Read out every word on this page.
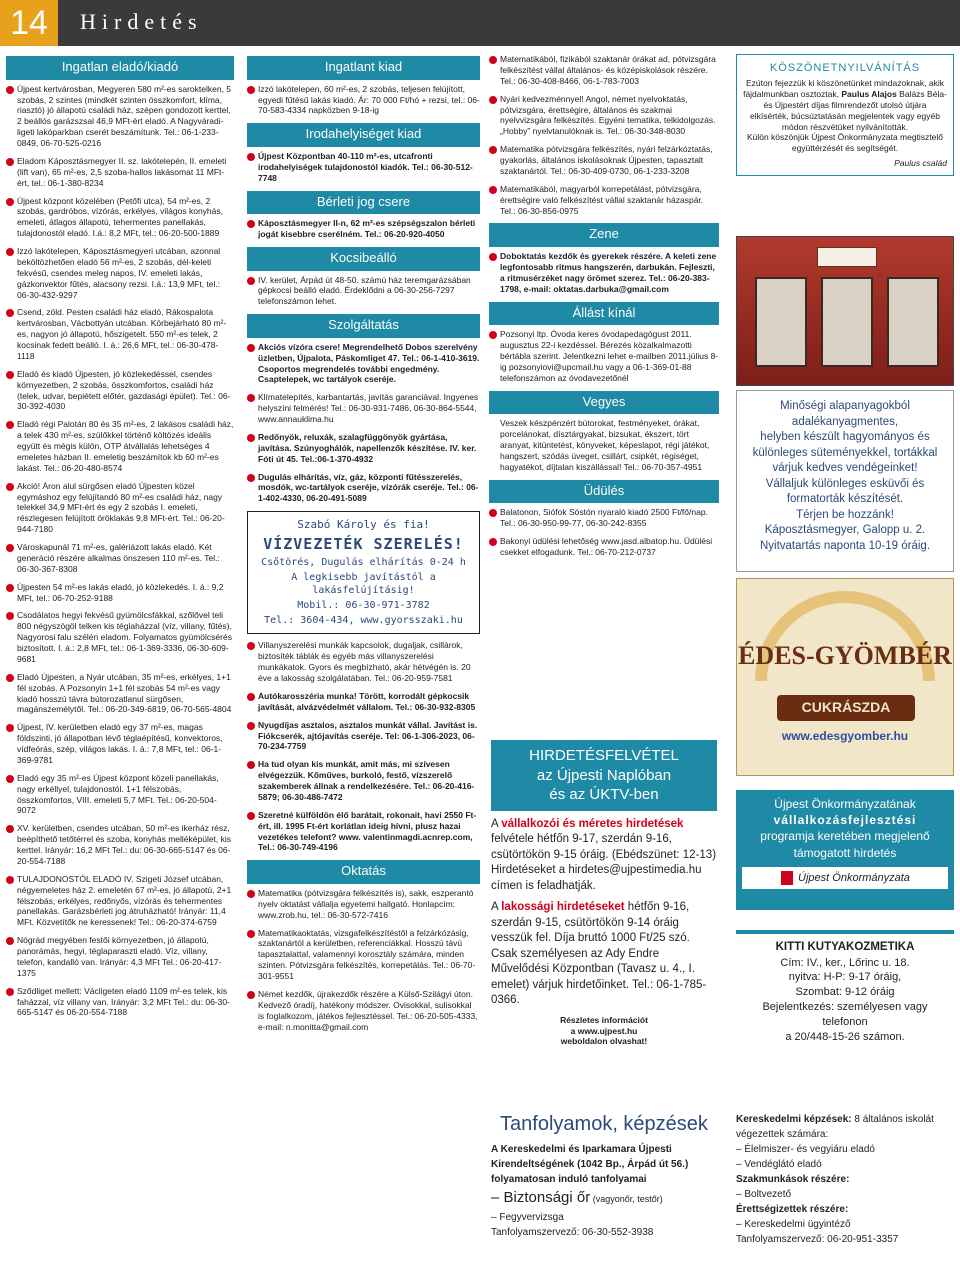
14	Hirdetés
Ingatlan eladó/kiadó
Újpest kertvárosban, Megyeren 580 m²-es saroktelken, 5 szobás, 2 szintes (mindkét szinten összkomfort, klíma, riasztó) jó állapotú családi ház, szépen gondozott kerttel, 2 beállós garázszsal 46,9 MFt-ért eladó. A Nagyváradi-ligeti lakóparkban cserét beszámítunk. Tel.: 06-1-233-0849, 06-70-525-0216
Eladom Káposztásmegyer II. sz. lakótelepén, II. emeleti (lift van), 65 m²-es, 2,5 szoba-hallos lakásomat 11 MFt-ért, tel.: 06-1-380-8234
Újpest központ közelében (Petőfi utca), 54 m²-es, 2 szobás, gardróbos, vízórás, erkélyes, világos konyhás, emeleti, átlagos állapotú, tehermentes panellakás, tulajdonostól eladó. I.á.: 8,2 MFt, tel.: 06-20-500-1889
Izzó lakótelepen, Káposztásmegyeri utcában, azonnal beköltözhetően eladó 56 m²-es, 2 szobás, dél-keleti fekvésű, csendes meleg napos, IV. emeleti lakás, gázkonvektor fűtés, alacsony rezsi. I.á.: 13,9 MFt, tel.: 06-30-432-9297
Csend, zöld. Pesten családi ház eladó, Rákospalota kertvárosban, Vácbottyán utcában. Körbejárható 80 m²-es, nagyon jó állapotú, hőszigetelt. 550 m²-es telek, 2 kocsinak fedett beálló. I. á.: 26,6 MFt, tel.: 06-30-478-1118
Eladó és kiadó Újpesten, jó közlekedéssel, csendes környezetben, 2 szobás, összkomfortos, családi ház (telek, udvar, bepiétett előtér, gazdasági épület). Tel.: 06-30-392-4030
Eladó régi Palotán 80 és 35 m²-es, 2 lakásos családi ház, a telek 430 m²-es, szülőkkel történő költözés ideális együtt és mégis külön, OTP átvállalás lehetséges 4 emeletes házban II. emeletig beszámítok kb 60 m²-es lakást. Tel.: 06-20-480-8574
Akció! Áron alul sürgősen eladó Újpesten közel egymáshoz egy felújítandó 80 m²-es családi ház, nagy telekkel 34,9 MFt-ért és egy 2 szobás I. emeleti, részlegesen felújított öröklakás 9,8 MFt-ért. Tel.: 06-20-944-7180
Városkapunál 71 m²-es, galériázott lakás eladó. Két generáció részére alkalmas önszesen 110 m²-es. Tel.: 06-30-367-8308
Újpesten 54 m²-es lakás eladó, jó közlekedés. I. á.: 9,2 MFt, tel.: 06-70-252-9188
Csodálatos hegyi fekvésű gyümölcsfákkal, szőlővel teli 800 négyszögöl telken kis téglaházzal (víz, villany, fűtés), Nagyorosi falu szélén eladom. Folyamatos gyümölcsérés biztosított. I. á.: 2,8 MFt, tel.: 06-1-369-3336, 06-30-609-9681
Eladó Újpesten, a Nyár utcában, 35 m²-es, erkélyes, 1+1 fél szobás. A Pozsonyin 1+1 fél szobás 54 m²-es vagy kiadó hosszú távra bútorozatlanul sürgősen, magánszemélytől. Tel.: 06-20-349-6819, 06-70-565-4804
Újpest, IV. kerületben eladó egy 37 m²-es, magas földszinti, jó állapotban lévő téglaépítésű, konvektoros, vídfeórás, szép, világos lakás. I. á.: 7,8 MFt, tel.: 06-1-369-9781
Eladó egy 35 m²-es Újpest központ közeli panellakás, nagy erkéllyel, tulajdonostól. 1+1 félszobás, összkomfortos, VIII. emeleti 5,7 MFt. Tel.: 06-20-504-9072
XV. kerületben, csendes utcában, 50 m²-es ikerház rész, beépíthető tetőtérrel és szoba, konyhás melléképület, kis kerttel. Irányár: 16,2 MFt Tel.: du: 06-30-665-5147 és 06-20-554-7188
TULAJDONOSTÓL ELADÓ IV. Szigeti József utcában, négyemeletes ház 2. emeletén 67 m²-es, jó állapotú, 2+1 félszobás, erkélyes, redőnyős, vízórás és tehermentes panellakás. Garázsbérleti jog átruházható! Irányár: 11,4 MFt. Közvetítők ne keressenek! Tel.: 06-20-374-6759
Nógrád megyében festői környezetben, jó állapotú, panorámás, hegyi, téglaparaszti eladó. Víz, villany, telefon, kandalló van. Irányár: 4,3 MFt Tel.: 06-20-417-1375
Sződliget mellett: Václigeten eladó 1109 m²-es telek, kis faházzal, víz villany van. Irányár: 3,2 MFt Tel.: du: 06-30-665-5147 és 06-20-554-7188
Ingatlant kiad
Izzó lakótelepen, 60 m²-es, 2 szobás, teljesen felújított, egyedi fűtésű lakás kiadó. Ár: 70 000 Ft/hó + rezsi, tel.: 06-70-583-4334 napközben 9-18-ig
Irodahelyiséget kiad
Újpest Központban 40-110 m²-es, utcafronti irodahelyiségek tulajdonostól kiadók. Tel.: 06-30-512-7748
Bérleti jog csere
Káposztásmegyer II-n, 62 m²-es szépségszalon bérleti jogát kisebbre cserélném. Tel.: 06-20-920-4050
Kocsibeálló
IV. kerület, Árpád út 48-50. számú ház teremgarázsában gépkocsi beálló eladó. Érdeklődni a 06-30-256-7297 telefonszámon lehet.
Szolgáltatás
Akciós vízóra csere! Megrendelhető Dobos szerelvény üzletben, Újpalota, Páskomliget 47. Tel.: 06-1-410-3619. Csoportos megrendelés további engedmény. Csaptelepek, wc tartályok cseréje.
Klímatelepítés, karbantartás, javítás garanciával. Ingyenes helyszíni felmérés! Tel.: 06-30-931-7486, 06-30-864-5544, www.annauklima.hu
Redőnyök, reluxák, szalagfüggönyök gyártása, javítása. Szúnyoghálók, napellenzők készítése. IV. ker. Fóti út 45. Tel.:06-1-370-4932
Dugulás elhárítás, víz, gáz, központi fűtésszerelés, mosdók, wc-tartályok cseréje, vízórák cseréje. Tel.: 06-1-402-4330, 06-20-491-5089
Szabó Károly és fia!
VÍZVEZETÉK SZERELÉS!
Csőtörés, Dugulás elhárítás 0-24 h
A legkisebb javítástól a lakásfelújításig!
Mobil.: 06-30-971-3782
Tel.: 3604-434, www.gyorsszaki.hu
Villanyszerelési munkák kapcsolok, dugaljak, csillárok, biztosíték táblák és egyéb más villanyszerelési munkákatok. Gyors és megbízható, akár hétvégén is. 20 éve a lakosság szolgálatában. Tel.: 06-20-959-7581
Autókarosszéria munka! Törött, korrodált gépkocsik javítását, alvázvédelmét vállalom. Tel.: 06-30-932-8305
Nyugdíjas asztalos, asztalos munkát vállal. Javítást is. Fiókcserék, ajtójavítás cseréje. Tel: 06-1-306-2023, 06-70-234-7759
Ha tud olyan kis munkát, amit más, mi szívesen elvégezzük. Kőműves, burkoló, festő, vízszerelő szakemberek állnak a rendelkezésére. Tel.: 06-20-416-5879; 06-30-486-7472
Szeretné külföldön élő barátait, rokonait, havi 2550 Ft-ért, ill. 1995 Ft-ért korlátlan ideig hívni, plusz hazai vezetékes telefont? www. valentinmagdi.acnrep.com, Tel.: 06-30-749-4196
Oktatás
Matematika (pótvizsgára felkészítés is), sakk, eszperantó nyelv oktatást vállalja egyetemi hallgató. Honlapcím: www.zrob.hu, tel.: 06-30-572-7416
Matematikaoktatás, vizsgafelkészítéstől a felzárkózásig, szaktanártól a kerületben, referenciákkal. Hosszú távú tapasztalattal, valamennyi korosztály számára, minden szinten. Pótvizsgára felkészítés, korrepetálás. Tel.: 06-70-301-9551
Német kezdők, újrakezdők részére a Külső-Szilágyi úton. Kedvező óradíj, hatékony módszer. Ovisokkal, sulisokkal is foglalkozom, játékos fejlesztéssel. Tel.: 06-20-505-4333, e-mail: n.monitta@gmail.com
Matematikából, fizikából szaktanár órákat ad, pótvizsgára felkészítést vállal általános- és középiskolások részére. Tel.: 06-30-408-8466, 06-1-783-7003
Nyári kedvezménnyel! Angol, német nyelvoktatás, pótvizsgára, érettségire, általános és szakmai nyelvvizsgára felkészítés. Egyéni tematika, telkidolgozás. „Hobby” nyelvtanulóknak is. Tel.: 06-30-348-8030
Matematika pótvizsgára felkészítés, nyári felzárkóztatás, gyakorlás, általános iskolásoknak Újpesten, tapasztalt szaktanártól. Tel.: 06-30-409-0730, 06-1-233-3208
Matematikából, magyarból korrepetálást, pótvizsgára, érettségire való felkészítést vállal szaktanár házaspár. Tel.: 06-30-856-0975
Zene
Doboktatás kezdők és gyerekek részére. A keleti zene legfontosabb ritmus hangszerén, darbukán. Fejleszti, a ritmusérzéket nagy örömet szerez. Tel.: 06-20-383-1798, e-mail: oktatas.darbuka@gmail.com
Állást kínál
Pozsonyi ltp. Óvoda keres óvodapedagógust 2011. augusztus 22-i kezdéssel. Bérezés közalkalmazotti bértábla szerint. Jelentkezni lehet e-mailben 2011.július 8-ig pozsonyiovi@upcmail.hu vagy a 06-1-369-01-88 telefonszámon az óvodavezetőnél
Vegyes
Veszek készpénzért bútorokat, festményeket, órákat, porcelánokat, dísztárgyakat, bizsukat, ékszert, tört aranyat, kitüntetést, könyveket, képeslapot, régi játékot, hangszert, szódás üveget, csillárt, csipkét, régiséget, hagyatékot, díjtalan kiszállással! Tel.: 06-70-357-4951
Üdülés
Balatonon, Siófok Sóstón nyaraló kiadó 2500 Ft/fő/nap. Tel.: 06-30-950-99-77, 06-30-242-8355
Bakonyi üdülési lehetőség www.jasd.albatop.hu. Üdülési csekket elfogadunk. Tel.: 06-70-212-0737
KÖSZÖNETNYILVÁNÍTÁS
Ezúton fejezzük ki köszönetünket mindazoknak, akik fájdalmunkban osztoztak, Paulus Alajos Balázs Béla- és Újpestért díjas filmrendezőt utolsó útjára elkísérték, búcsúztatásán megjelentek vagy egyéb módon részvétüket nyilvánították.
Külön köszönjük Újpest Önkormányzata megtisztelő együttérzését és segítségét.
Paulus család
Minőségi alapanyagokból adalékanyagmentes,
helyben készült hagyományos és különleges süteményekkel, tortákkal várjuk kedves vendégeinket!
Vállaljuk különleges esküvői és formatorták készítését.
Térjen be hozzánk!
Káposztásmegyer, Galopp u. 2. Nyitvatartás naponta 10-19 óráig.
ÉDES-GYÖMBÉR
CUKRÁSZDA
www.edesgyomber.hu
Újpest Önkormányzatának
vállalkozásfejlesztési
programja keretében megjelenő támogatott hirdetés
Újpest Önkormányzata
KITTI KUTYAKOZMETIKA
Cím: IV., ker., Lőrinc u. 18.
nyitva: H-P: 9-17 óráig,
Szombat: 9-12 óráig
Bejelentkezés: személyesen vagy telefonon
a 20/448-15-26 számon.
HIRDETÉSFELVÉTEL
az Újpesti Naplóban
és az ÚKTV-ben

A vállalkozói és méretes hirdetések felvétele hétfőn 9-17, szerdán 9-16, csütörtökön 9-15 óráig. (Ebédszünet: 12-13) Hirdetéseket a hirdetes@ujpestimedia.hu címen is feladhatják.

A lakossági hirdetéseket hétfőn 9-16, szerdán 9-15, csütörtökön 9-14 óráig vesszük fel. Díja bruttó 1000 Ft/25 szó. Csak személyesen az Ady Endre Művelődési Központban (Tavasz u. 4., I. emelet) várjuk hirdetőinket. Tel.: 06-1-785-0366.

Részletes információt
a www.ujpest.hu
weboldalon olvashat!
Tanfolyamok, képzések
A Kereskedelmi és Iparkamara Újpesti Kirendeltségének (1042 Bp., Árpád út 56.) folyamatosan induló tanfolyamai
– Biztonsági őr (vagyonőr, testőr)
– Fegyvervizsga
Tanfolyamszervező: 06-30-552-3938
Kereskedelmi képzések: 8 általános iskolát végezettek számára:
– Élelmiszer- és vegyiáru eladó
– Vendéglátó eladó
Szakmunkások részére:
– Boltvezető
Érettségizettek részére:
– Kereskedelmi ügyintéző
Tanfolyamszervező: 06-20-951-3357
